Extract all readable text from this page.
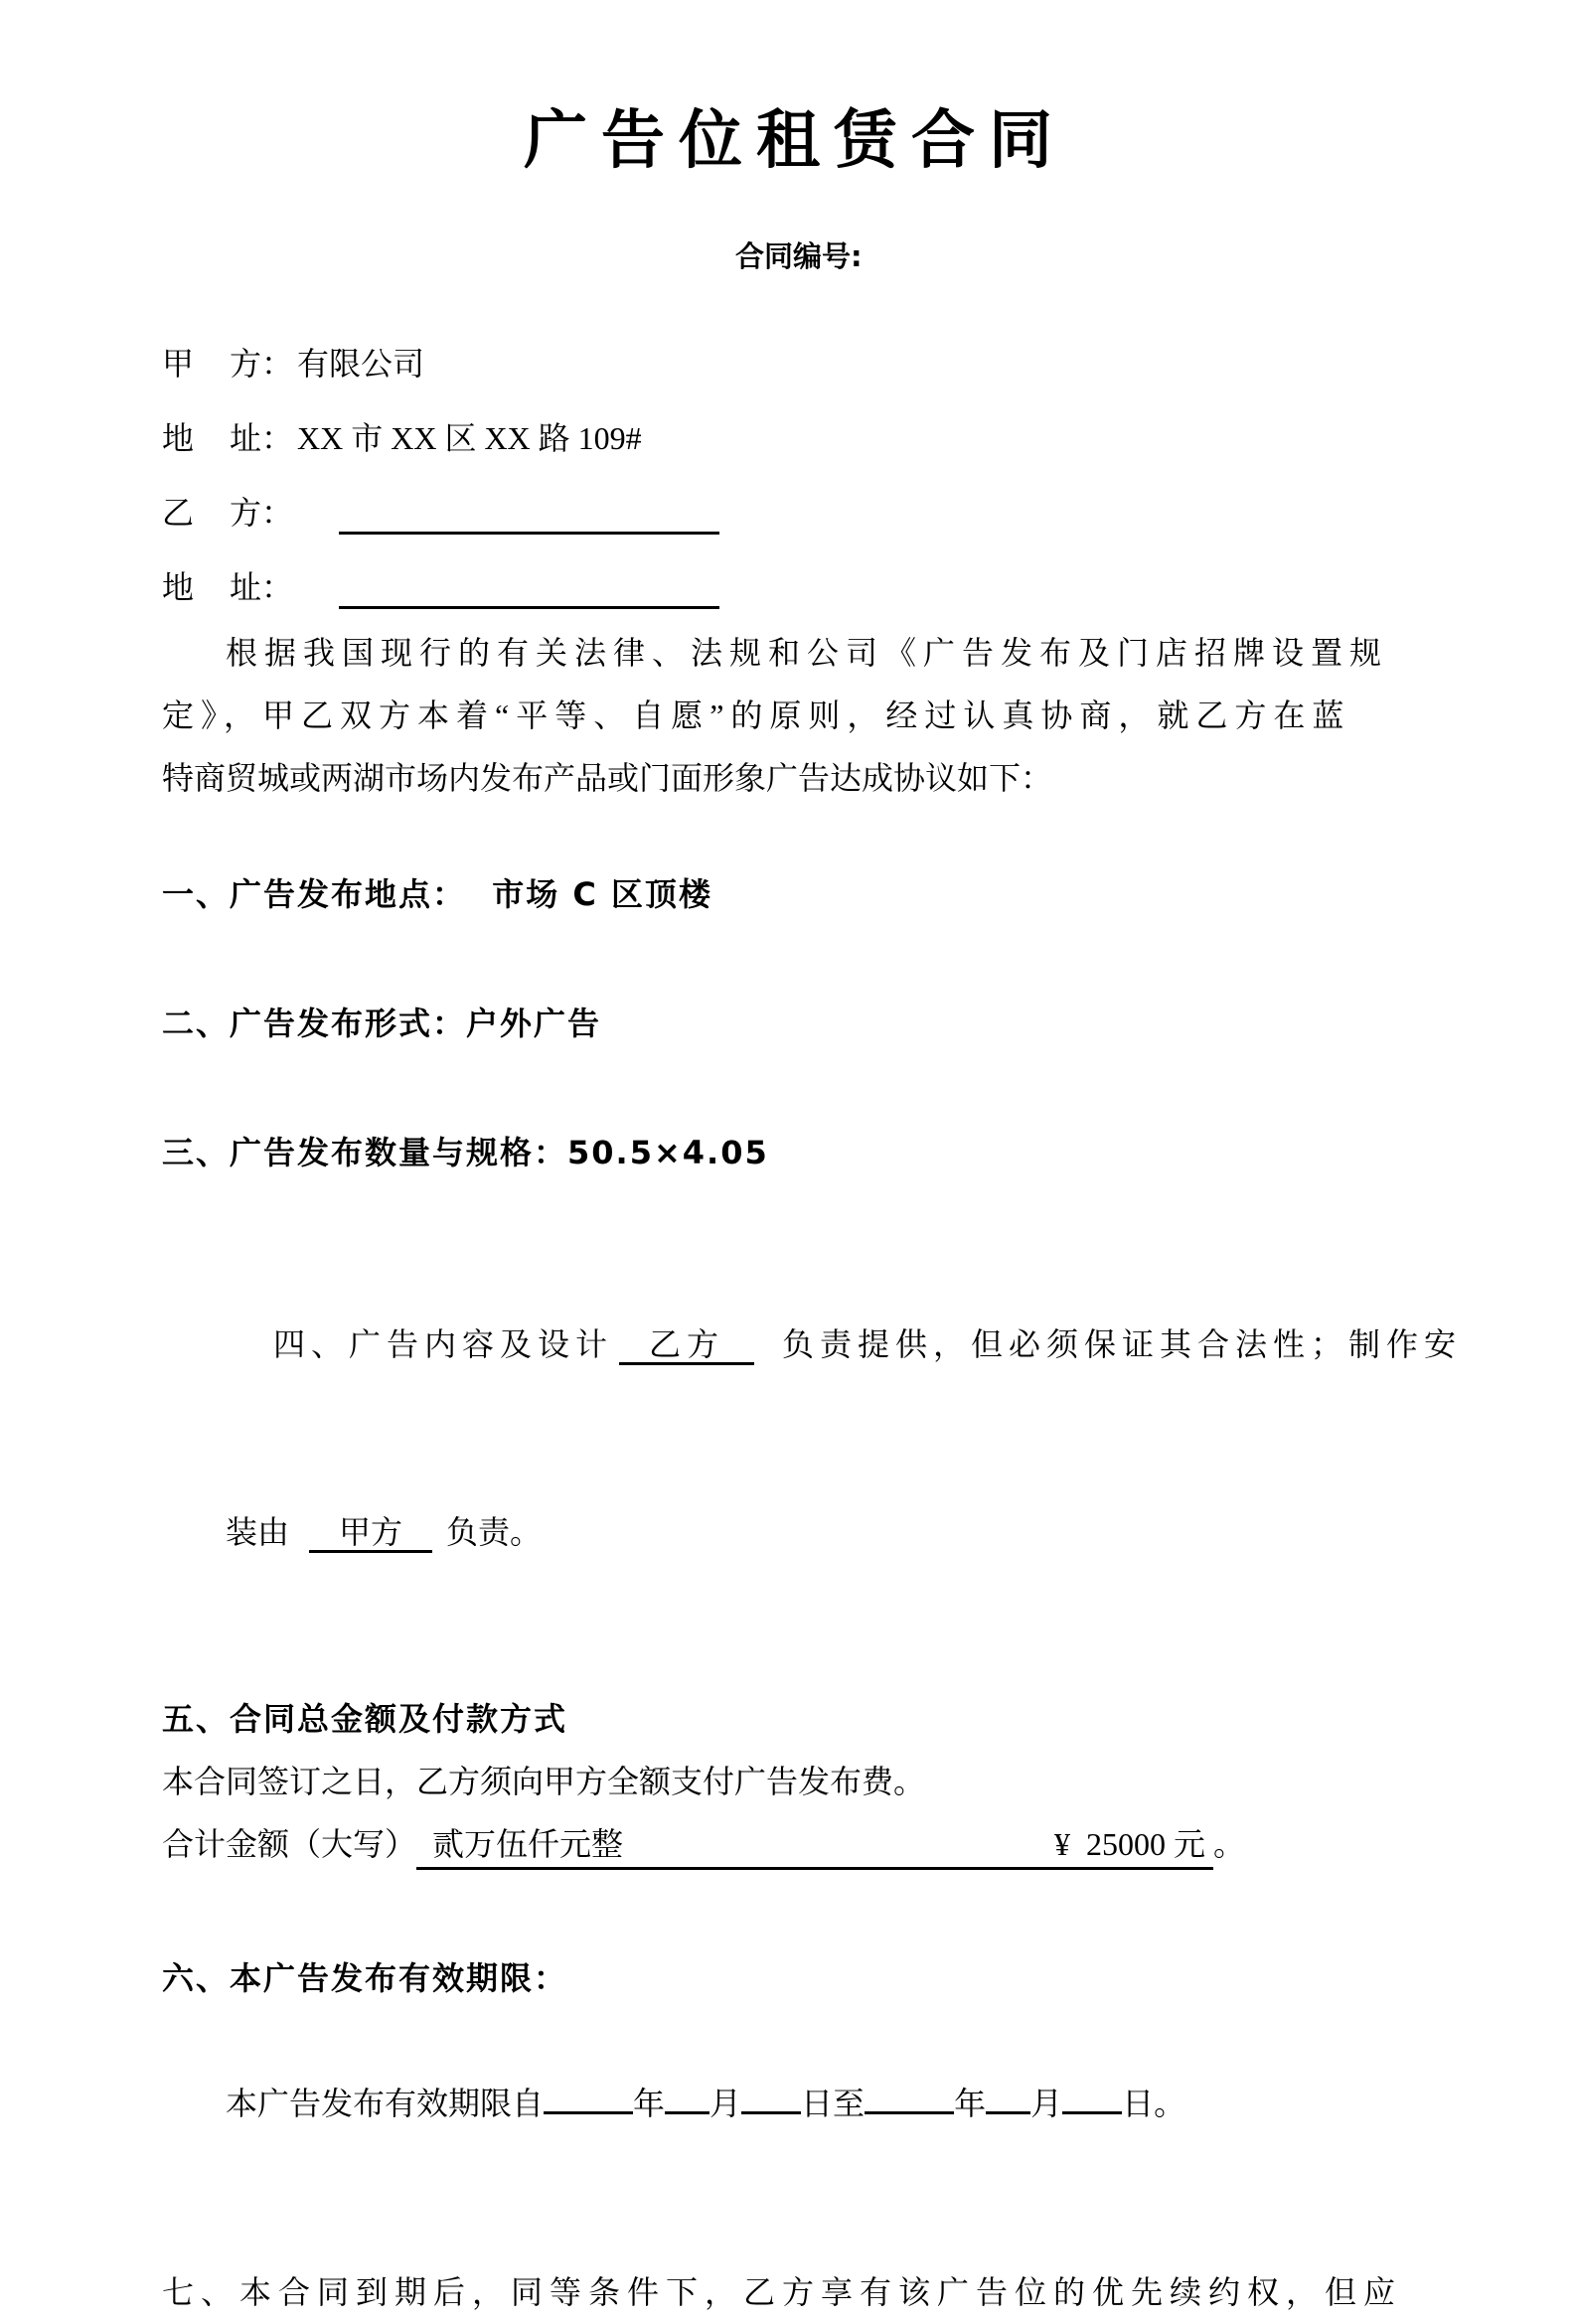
广告位租赁合同
合同编号:
甲 方： 有限公司
地 址： XX 市 XX 区 XX 路 109#
乙 方：
地 址：
根据我国现行的有关法律、法规和公司《广告发布及门店招牌设置规
定》，甲乙双方本着“平等、自愿”的原则，经过认真协商，就乙方在蓝
特商贸城或两湖市场内发布产品或门面形象广告达成协议如下：
一、广告发布地点：  市场 C 区顶楼
二、广告发布形式：户外广告
三、广告发布数量与规格：50.5×4.05

四、广告内容及设计 乙方 负责提供，但必须保证其合法性；制作安

装由 甲方 负责。

五、合同总金额及付款方式
本合同签订之日，乙方须向甲方全额支付广告发布费。
合计金额（大写） 贰万伍仟元整	¥  25000 元 。
六、本广告发布有效期限：

本广告发布有效期限自	年 月 日至	年 月 日。

七、本合同到期后，同等条件下，乙方享有该广告位的优先续约权，但应
